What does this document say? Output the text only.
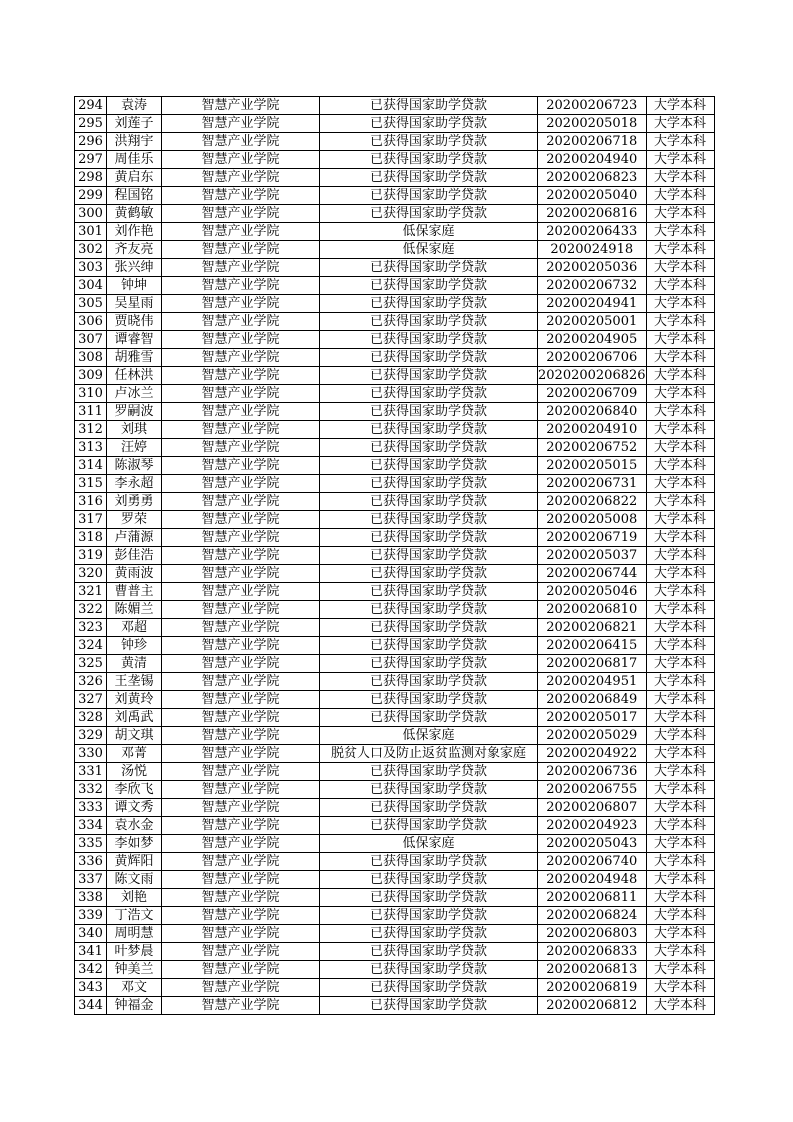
294	袁涛	智慧产业学院	已获得国家助学贷款	20200206723	大学本科
295	刘莲子	智慧产业学院	已获得国家助学贷款	20200205018	大学本科
296	洪翔宇	智慧产业学院	已获得国家助学贷款	20200206718	大学本科
297	周佳乐	智慧产业学院	已获得国家助学贷款	20200204940	大学本科
298	黄启东	智慧产业学院	已获得国家助学贷款	20200206823	大学本科
299	程国铭	智慧产业学院	已获得国家助学贷款	20200205040	大学本科
300	黄鹤敏	智慧产业学院	已获得国家助学贷款	20200206816	大学本科
301	刘作艳	智慧产业学院	低保家庭	20200206433	大学本科
302	齐友亮	智慧产业学院	低保家庭	2020024918	大学本科
303	张兴绅	智慧产业学院	已获得国家助学贷款	20200205036	大学本科
304	钟坤	智慧产业学院	已获得国家助学贷款	20200206732	大学本科
305	吴星雨	智慧产业学院	已获得国家助学贷款	20200204941	大学本科
306	贾晓伟	智慧产业学院	已获得国家助学贷款	20200205001	大学本科
307	谭睿智	智慧产业学院	已获得国家助学贷款	20200204905	大学本科
308	胡雅雪	智慧产业学院	已获得国家助学贷款	20200206706	大学本科
309	任林洪	智慧产业学院	已获得国家助学贷款	2020200206826	大学本科
310	卢冰兰	智慧产业学院	已获得国家助学贷款	20200206709	大学本科
311	罗嗣波	智慧产业学院	已获得国家助学贷款	20200206840	大学本科
312	刘琪	智慧产业学院	已获得国家助学贷款	20200204910	大学本科
313	汪婷	智慧产业学院	已获得国家助学贷款	20200206752	大学本科
314	陈淑琴	智慧产业学院	已获得国家助学贷款	20200205015	大学本科
315	李永超	智慧产业学院	已获得国家助学贷款	20200206731	大学本科
316	刘勇勇	智慧产业学院	已获得国家助学贷款	20200206822	大学本科
317	罗荣	智慧产业学院	已获得国家助学贷款	20200205008	大学本科
318	卢蒲源	智慧产业学院	已获得国家助学贷款	20200206719	大学本科
319	彭佳浩	智慧产业学院	已获得国家助学贷款	20200205037	大学本科
320	黄雨波	智慧产业学院	已获得国家助学贷款	20200206744	大学本科
321	曹普主	智慧产业学院	已获得国家助学贷款	20200205046	大学本科
322	陈媚兰	智慧产业学院	已获得国家助学贷款	20200206810	大学本科
323	邓超	智慧产业学院	已获得国家助学贷款	20200206821	大学本科
324	钟珍	智慧产业学院	已获得国家助学贷款	20200206415	大学本科
325	黄清	智慧产业学院	已获得国家助学贷款	20200206817	大学本科
326	王垄锡	智慧产业学院	已获得国家助学贷款	20200204951	大学本科
327	刘黄玲	智慧产业学院	已获得国家助学贷款	20200206849	大学本科
328	刘禹武	智慧产业学院	已获得国家助学贷款	20200205017	大学本科
329	胡文琪	智慧产业学院	低保家庭	20200205029	大学本科
330	邓菁	智慧产业学院	脱贫人口及防止返贫监测对象家庭	20200204922	大学本科
331	汤悦	智慧产业学院	已获得国家助学贷款	20200206736	大学本科
332	李欣飞	智慧产业学院	已获得国家助学贷款	20200206755	大学本科
333	谭文秀	智慧产业学院	已获得国家助学贷款	20200206807	大学本科
334	袁水金	智慧产业学院	已获得国家助学贷款	20200204923	大学本科
335	李如梦	智慧产业学院	低保家庭	20200205043	大学本科
336	黄辉阳	智慧产业学院	已获得国家助学贷款	20200206740	大学本科
337	陈文雨	智慧产业学院	已获得国家助学贷款	20200204948	大学本科
338	刘艳	智慧产业学院	已获得国家助学贷款	20200206811	大学本科
339	丁浩文	智慧产业学院	已获得国家助学贷款	20200206824	大学本科
340	周明慧	智慧产业学院	已获得国家助学贷款	20200206803	大学本科
341	叶梦晨	智慧产业学院	已获得国家助学贷款	20200206833	大学本科
342	钟美兰	智慧产业学院	已获得国家助学贷款	20200206813	大学本科
343	邓文	智慧产业学院	已获得国家助学贷款	20200206819	大学本科
344	钟福金	智慧产业学院	已获得国家助学贷款	20200206812	大学本科
